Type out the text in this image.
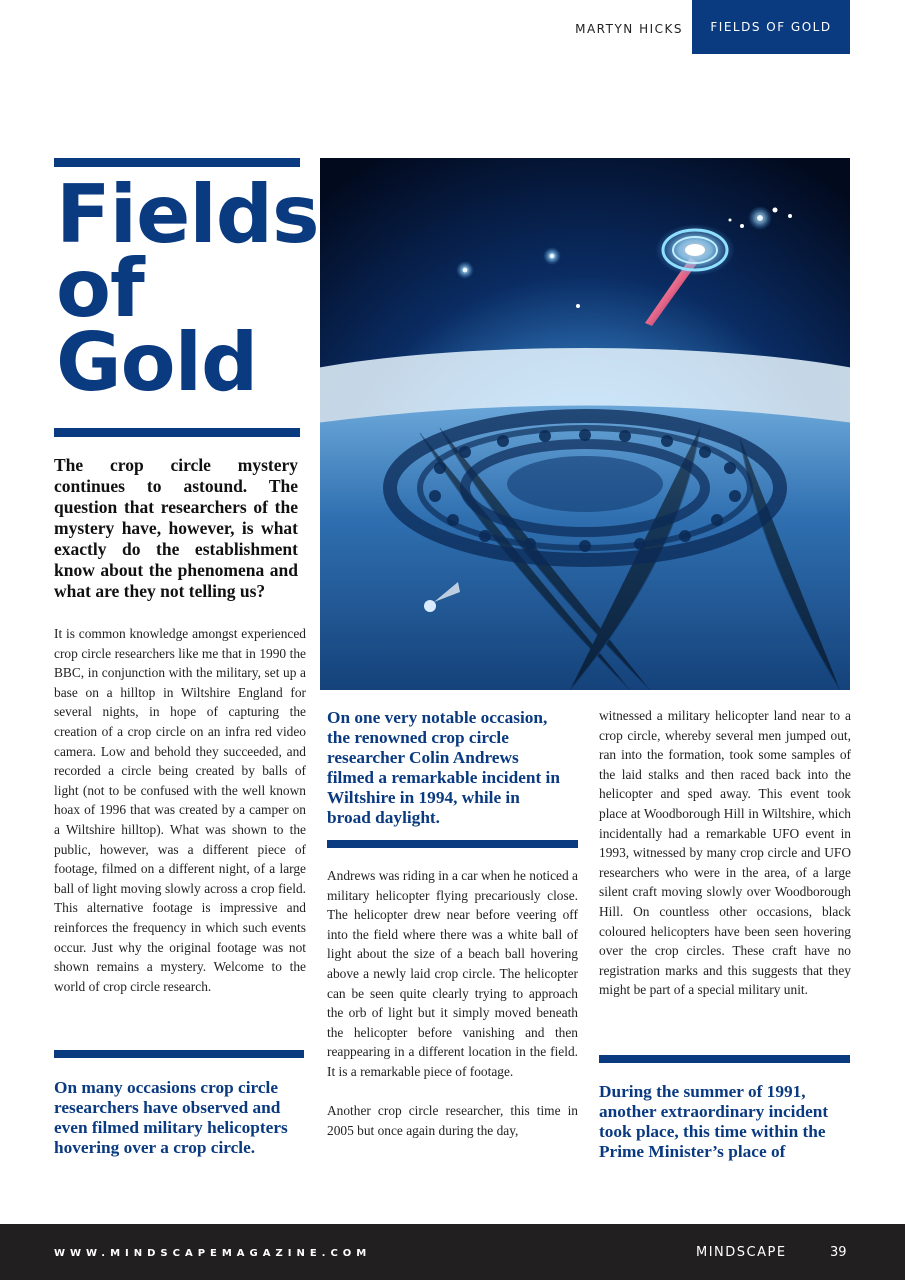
MARTYN HICKS	FIELDS OF GOLD
Fields
of
Gold

The crop circle mystery continues to astound. The question that researchers of the mystery have, however, is what exactly do the establishment know about the phenomena and what are they not telling us?

It is common knowledge amongst experienced crop circle researchers like me that in 1990 the BBC, in conjunction with the military, set up a base on a hilltop in Wiltshire England for several nights, in hope of capturing the creation of a crop circle on an infra red video camera. Low and behold they succeeded, and recorded a circle being created by balls of light (not to be confused with the well known hoax of 1996 that was created by a camper on a Wiltshire hilltop). What was shown to the public, however, was a different piece of footage, filmed on a different night, of a large ball of light moving slowly across a crop field. This alternative footage is impressive and reinforces the frequency in which such events occur. Just why the original footage was not shown remains a mystery. Welcome to the world of crop circle research.

On many occasions crop circle researchers have observed and even filmed military helicopters hovering over a crop circle.

On one very notable occasion, the renowned crop circle researcher Colin Andrews filmed a remarkable incident in Wiltshire in 1994, while in broad daylight.

Andrews was riding in a car when he noticed a military helicopter flying precariously close. The helicopter drew near before veering off into the field where there was a white ball of light about the size of a beach ball hovering above a newly laid crop circle. The helicopter can be seen quite clearly trying to approach the orb of light but it simply moved beneath the helicopter before vanishing and then reappearing in a different location in the field. It is a remarkable piece of footage.

Another crop circle researcher, this time in 2005 but once again during the day,

witnessed a military helicopter land near to a crop circle, whereby several men jumped out, ran into the formation, took some samples of the laid stalks and then raced back into the helicopter and sped away. This event took place at Woodborough Hill in Wiltshire, which incidentally had a remarkable UFO event in 1993, witnessed by many crop circle and UFO researchers who were in the area, of a large silent craft moving slowly over Woodborough Hill. On countless other occasions, black coloured helicopters have been seen hovering over the crop circles. These craft have no registration marks and this suggests that they might be part of a special military unit.

During the summer of 1991, another extraordinary incident took place, this time within the Prime Minister’s place of

WWW.MINDSCAPEMAGAZINE.COM	MINDSCAPE	39
